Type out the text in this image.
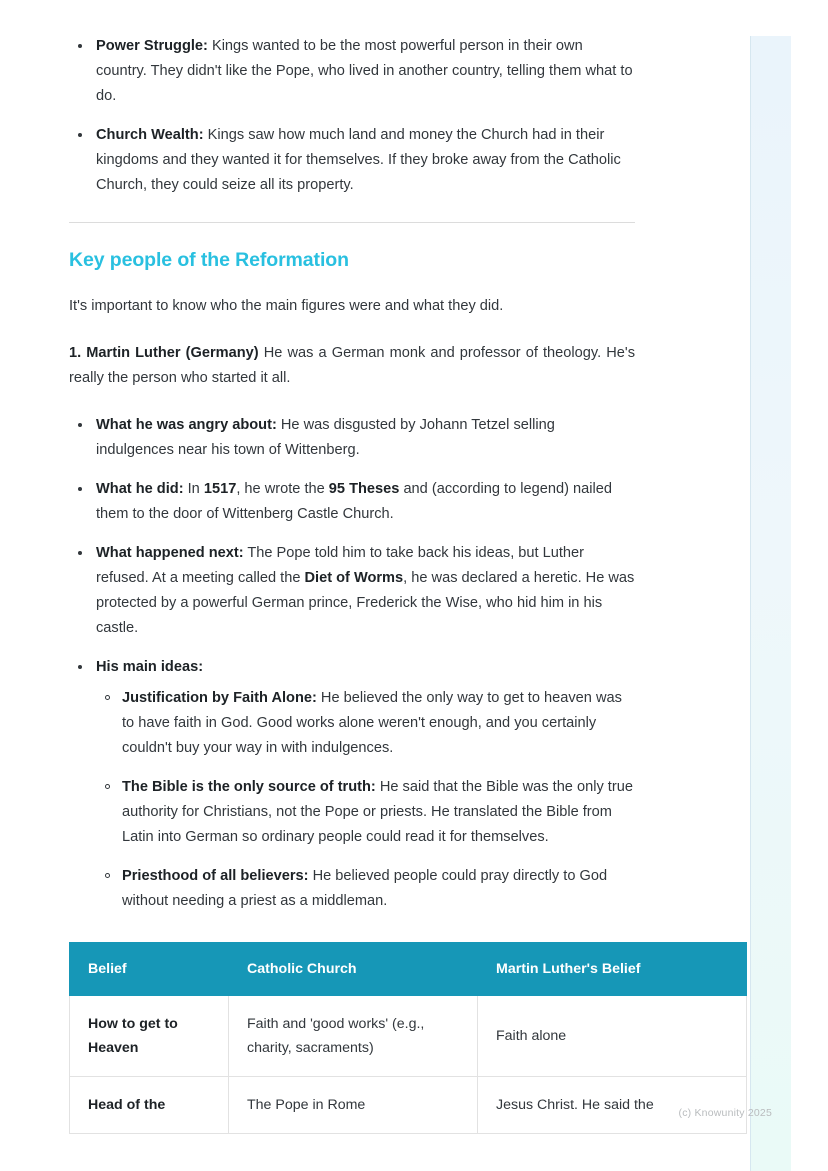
Power Struggle: Kings wanted to be the most powerful person in their own country. They didn't like the Pope, who lived in another country, telling them what to do.
Church Wealth: Kings saw how much land and money the Church had in their kingdoms and they wanted it for themselves. If they broke away from the Catholic Church, they could seize all its property.
Key people of the Reformation

It's important to know who the main figures were and what they did.

1. Martin Luther (Germany) He was a German monk and professor of theology. He's really the person who started it all.

What he was angry about: He was disgusted by Johann Tetzel selling indulgences near his town of Wittenberg.
What he did: In 1517, he wrote the 95 Theses and (according to legend) nailed them to the door of Wittenberg Castle Church.
What happened next: The Pope told him to take back his ideas, but Luther refused. At a meeting called the Diet of Worms, he was declared a heretic. He was protected by a powerful German prince, Frederick the Wise, who hid him in his castle.
His main ideas:
Justification by Faith Alone: He believed the only way to get to heaven was to have faith in God. Good works alone weren't enough, and you certainly couldn't buy your way in with indulgences.
The Bible is the only source of truth: He said that the Bible was the only true authority for Christians, not the Pope or priests. He translated the Bible from Latin into German so ordinary people could read it for themselves.
Priesthood of all believers: He believed people could pray directly to God without needing a priest as a middleman.
Belief	Catholic Church	Martin Luther's Belief
How to get to Heaven	Faith and 'good works' (e.g., charity, sacraments)	Faith alone
Head of the	The Pope in Rome	Jesus Christ. He said the (c) Knowunity 2025
